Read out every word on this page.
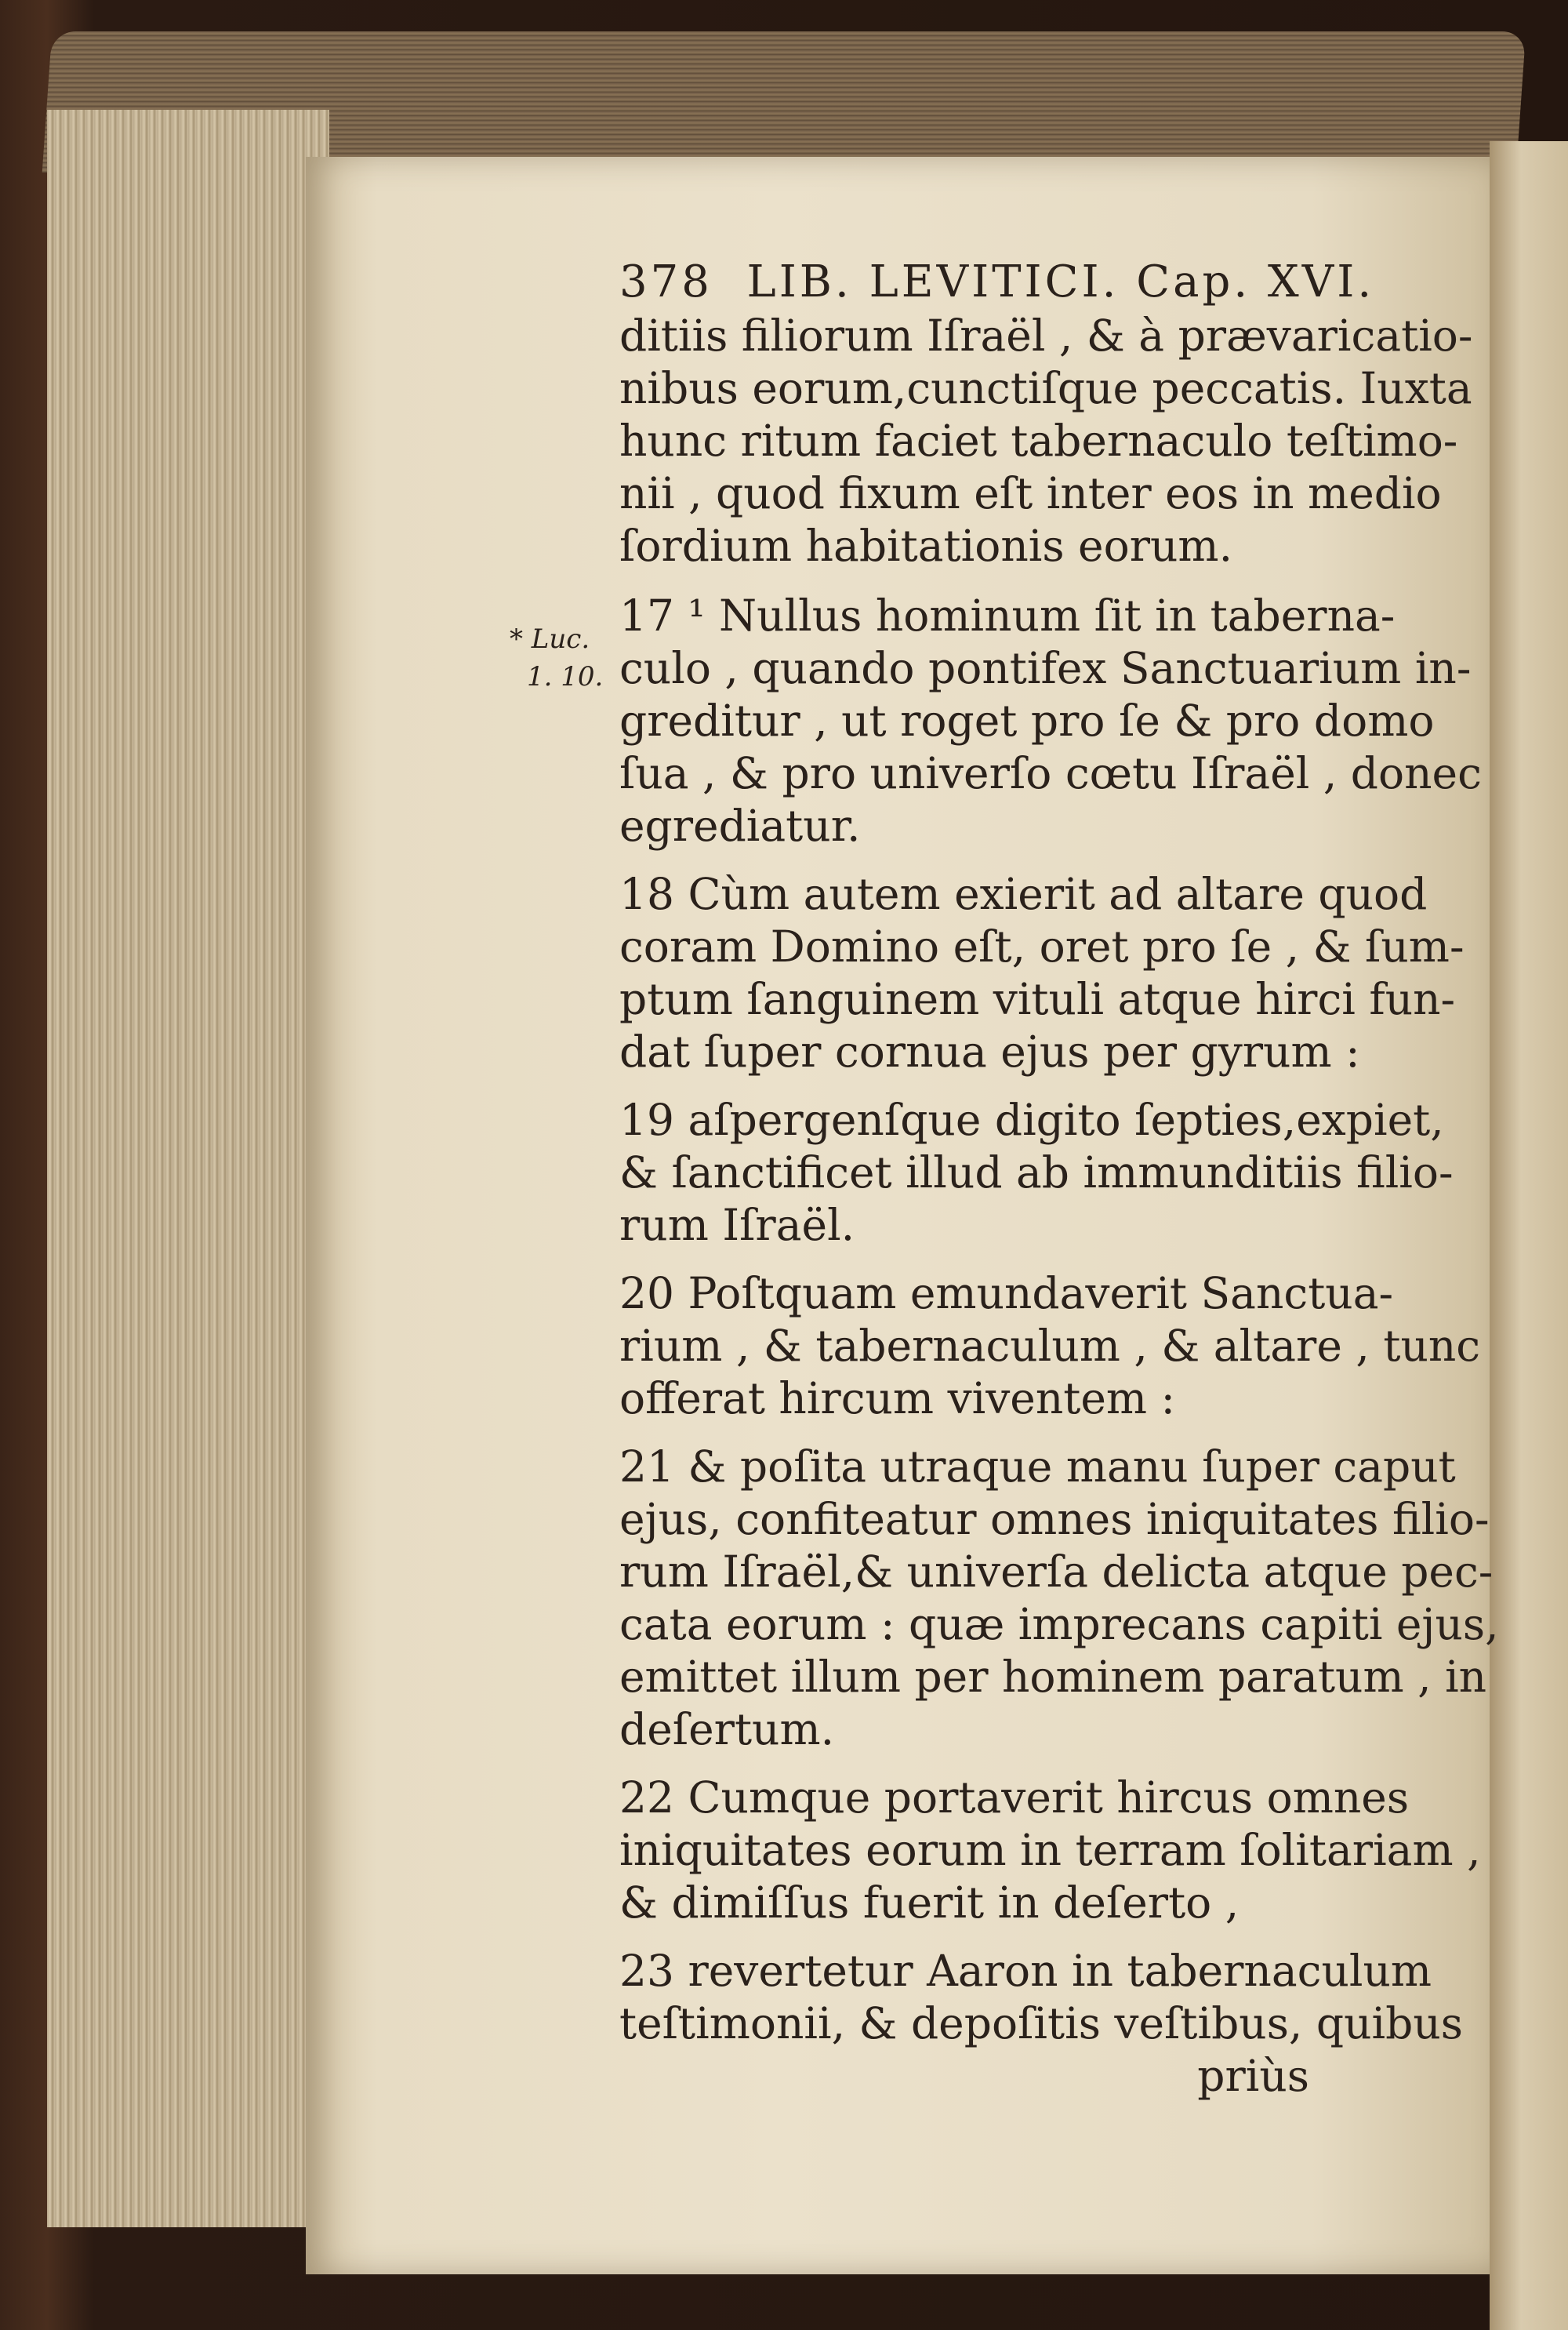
* Luc.
1. 10.
378 LIB. LEVITICI. Cap. XVI.
ditiis filiorum Iſraël , & à prævaricatio-
nibus eorum,cunctiſque peccatis. Iuxta
hunc ritum faciet tabernaculo teſtimo-
nii , quod fixum eſt inter eos in medio
ſordium habitationis eorum.
17 ¹ Nullus hominum ſit in taberna-
culo , quando pontifex Sanctuarium in-
greditur , ut roget pro ſe & pro domo
ſua , & pro univerſo cœtu Iſraël , donec
egrediatur.
18 Cùm autem exierit ad altare quod
coram Domino eſt, oret pro ſe , & ſum-
ptum ſanguinem vituli atque hirci fun-
dat ſuper cornua ejus per gyrum :
19 aſpergenſque digito ſepties,expiet,
& ſanctificet illud ab immunditiis filio-
rum Iſraël.
20 Poſtquam emundaverit Sanctua-
rium , & tabernaculum , & altare , tunc
offerat hircum viventem :
21 & poſita utraque manu ſuper caput
ejus, confiteatur omnes iniquitates filio-
rum Iſraël,& univerſa delicta atque pec-
cata eorum : quæ imprecans capiti ejus,
emittet illum per hominem paratum , in
deſertum.
22 Cumque portaverit hircus omnes
iniquitates eorum in terram ſolitariam ,
& dimiſſus fuerit in deſerto ,
23 revertetur Aaron in tabernaculum
teſtimonii, & depoſitis veſtibus, quibus
priùs
